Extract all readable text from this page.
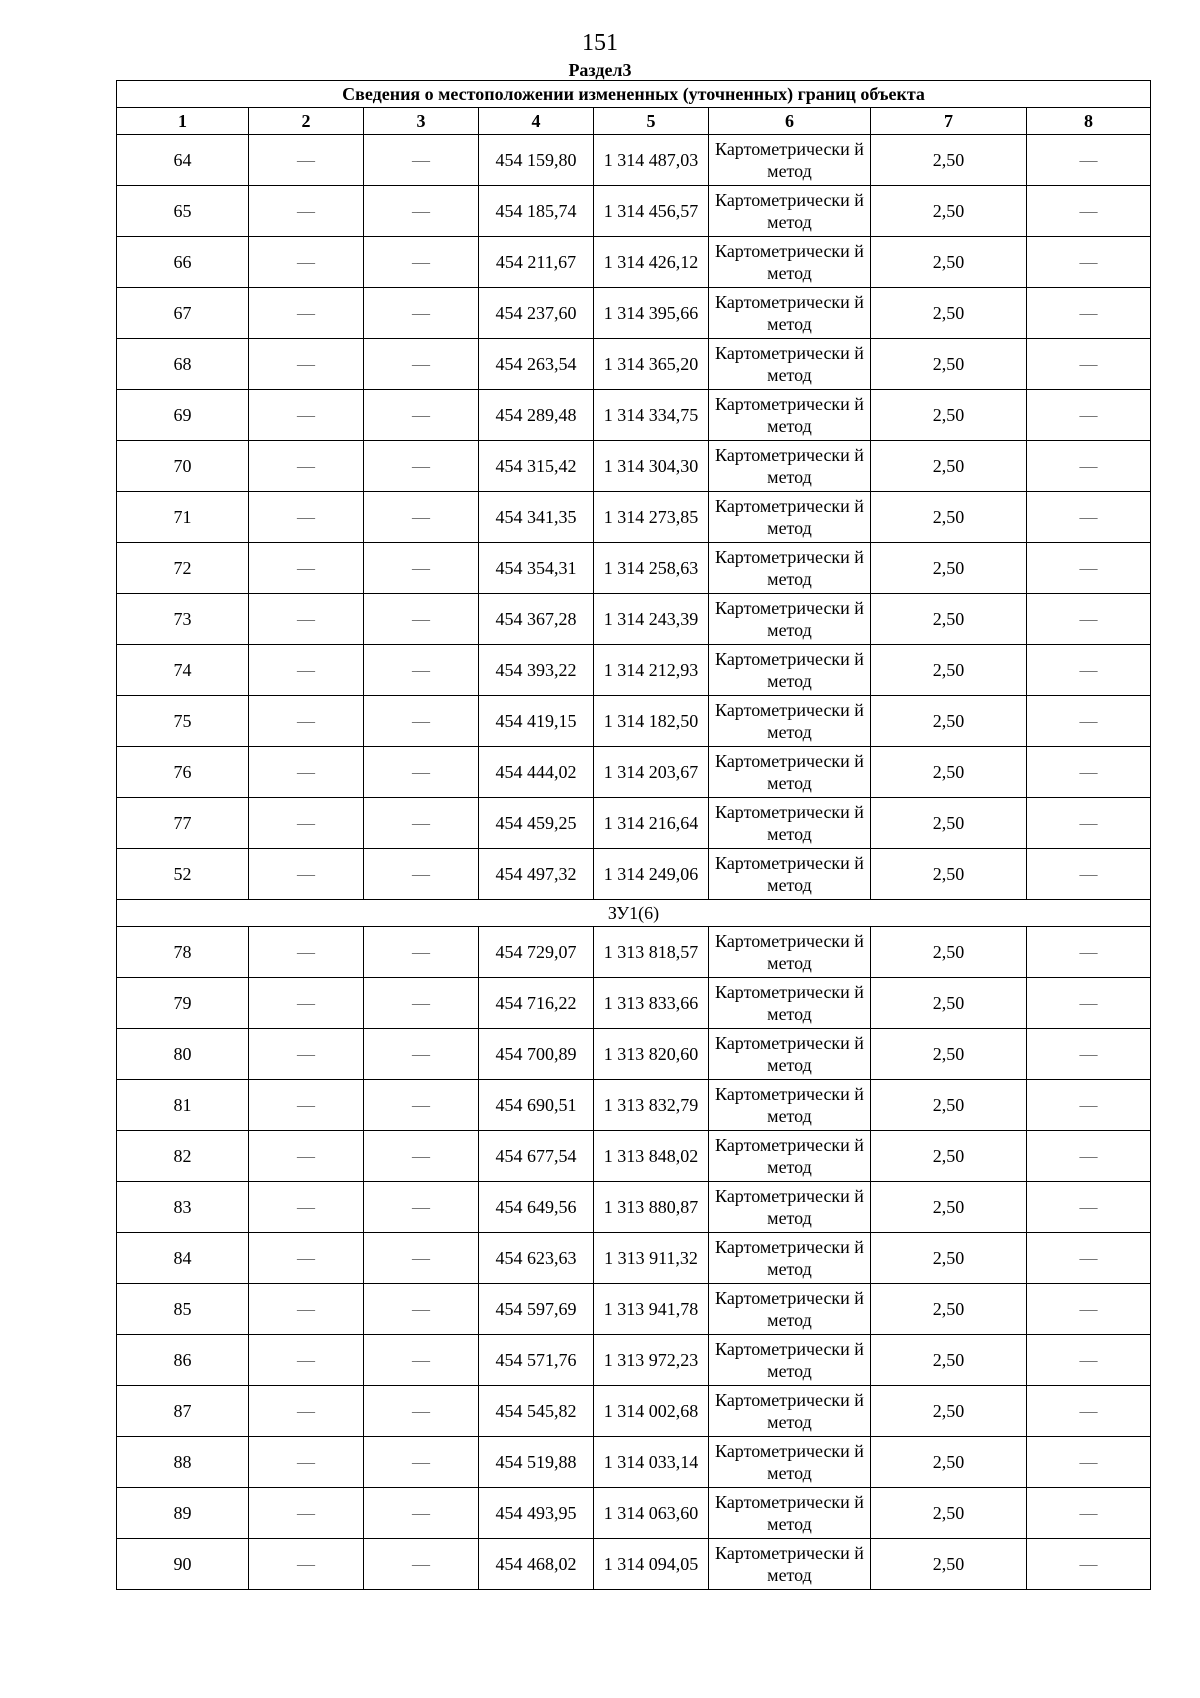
151
Раздел3
Сведения о местоположении измененных (уточненных) границ объекта							
1	2	3	4	5	6	7	8
64	—	—	454 159,80	1 314 487,03	Картометрически й метод	2,50	—
65	—	—	454 185,74	1 314 456,57	Картометрически й метод	2,50	—
66	—	—	454 211,67	1 314 426,12	Картометрически й метод	2,50	—
67	—	—	454 237,60	1 314 395,66	Картометрически й метод	2,50	—
68	—	—	454 263,54	1 314 365,20	Картометрически й метод	2,50	—
69	—	—	454 289,48	1 314 334,75	Картометрически й метод	2,50	—
70	—	—	454 315,42	1 314 304,30	Картометрически й метод	2,50	—
71	—	—	454 341,35	1 314 273,85	Картометрически й метод	2,50	—
72	—	—	454 354,31	1 314 258,63	Картометрически й метод	2,50	—
73	—	—	454 367,28	1 314 243,39	Картометрически й метод	2,50	—
74	—	—	454 393,22	1 314 212,93	Картометрически й метод	2,50	—
75	—	—	454 419,15	1 314 182,50	Картометрически й метод	2,50	—
76	—	—	454 444,02	1 314 203,67	Картометрически й метод	2,50	—
77	—	—	454 459,25	1 314 216,64	Картометрически й метод	2,50	—
52	—	—	454 497,32	1 314 249,06	Картометрически й метод	2,50	—
ЗУ1(6)							
78	—	—	454 729,07	1 313 818,57	Картометрически й метод	2,50	—
79	—	—	454 716,22	1 313 833,66	Картометрически й метод	2,50	—
80	—	—	454 700,89	1 313 820,60	Картометрически й метод	2,50	—
81	—	—	454 690,51	1 313 832,79	Картометрически й метод	2,50	—
82	—	—	454 677,54	1 313 848,02	Картометрически й метод	2,50	—
83	—	—	454 649,56	1 313 880,87	Картометрически й метод	2,50	—
84	—	—	454 623,63	1 313 911,32	Картометрически й метод	2,50	—
85	—	—	454 597,69	1 313 941,78	Картометрически й метод	2,50	—
86	—	—	454 571,76	1 313 972,23	Картометрически й метод	2,50	—
87	—	—	454 545,82	1 314 002,68	Картометрически й метод	2,50	—
88	—	—	454 519,88	1 314 033,14	Картометрически й метод	2,50	—
89	—	—	454 493,95	1 314 063,60	Картометрически й метод	2,50	—
90	—	—	454 468,02	1 314 094,05	Картометрически й метод	2,50	—
